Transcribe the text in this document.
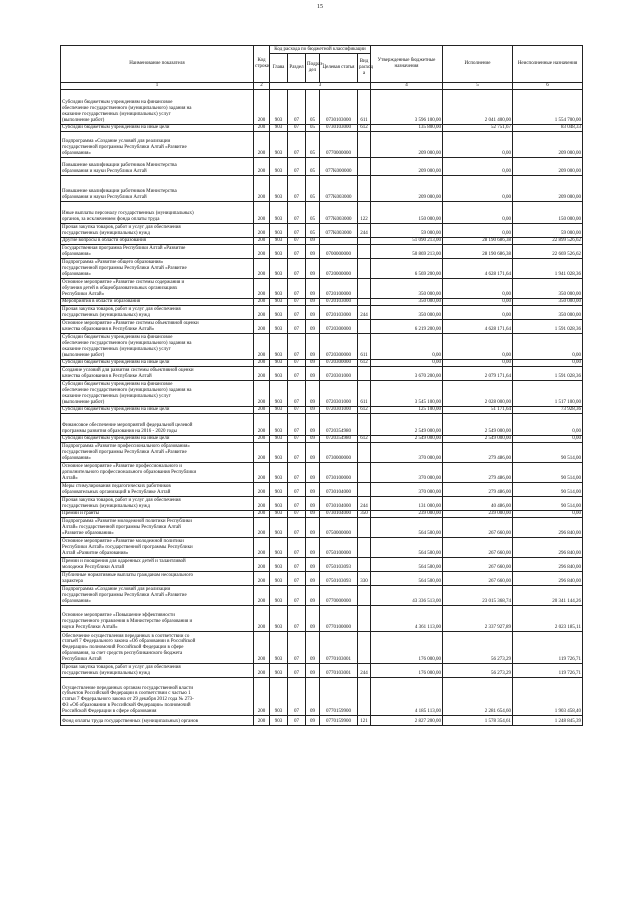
15
Наименование показателя	Код строки	Код расхода по бюджетной классификации					Утвержденные бюджетные назначения	Исполнение	Неисполненные назначения
		Глава	Раздел	Подраз-
дел	Целевая статья	Вид расход а			
1	2	3					4	5	6
Субсидии бюджетным учреждениям на финансовое
обеспечение государственного (муниципального) задания на
оказание государственных (муниципальных) услуг
(выполнение работ)	200	903	07	05	0730103000	611	3 596 100,00	2 041 400,00	1 554 700,00
Субсидии бюджетным учреждениям на иные цели	200	903	07	05	0730103000	612	135 800,00	52 751,67	83 048,33
Подпрограмма «Создание условий для реализации
государственной программы Республики Алтай «Развитие
образования»	200	903	07	05	0770000000		209 000,00	0,00	209 000,00
Повышение квалификации работников Министерства
образования и науки Республики Алтай	200	903	07	05	077K000000		209 000,00	0,00	209 000,00
Повышение квалификации работников Министерства
образования и науки Республики Алтай	200	903	07	05	077K003000		209 000,00	0,00	209 000,00
Иные выплаты персоналу государственных (муниципальных)
органов, за исключением фонда оплаты труда	200	903	07	05	077K003000	122	150 000,00	0,00	150 000,00
Прочая закупка товаров, работ и услуг для обеспечения
государственных (муниципальных) нужд	200	903	07	05	077K003000	244	59 000,00	0,00	59 000,00
Другие вопросы в области образования	200	903	07	09			51 090 213,00	28 190 686,38	22 899 526,62
Государственная программа Республики Алтай «Развитие
образования»	200	903	07	09	0700000000		50 869 213,00	28 190 686,38	22 669 526,62
Подпрограмма «Развитие общего образования»
государственной программы Республики Алтай «Развитие
образования»	200	903	07	09	0720000000		6 569 200,00	4 628 171,64	1 941 028,36
Основное мероприятие «Развитие системы содержания и
обучения детей в общеобразовательных организациях
Республики Алтай»	200	903	07	09	0720100000		350 000,00	0,00	350 000,00
Мероприятия в области образования	200	903	07	09	0720103000		350 000,00	0,00	350 000,00
Прочая закупка товаров, работ и услуг для обеспечения
государственных (муниципальных) нужд	200	903	07	09	0720103000	244	350 000,00	0,00	350 000,00
Основное мероприятие «Развитие системы объективной оценки
качества образования в Республике Алтай»	200	903	07	09	0720300000		6 219 200,00	4 628 171,64	1 591 028,36
Субсидии бюджетным учреждениям на финансовое
обеспечение государственного (муниципального) задания на
оказание государственных (муниципальных) услуг
(выполнение работ)	200	903	07	09	0720300000	611	0,00	0,00	0,00
Субсидии бюджетным учреждениям на иные цели	200	903	07	09	0720300000	612	0,00	0,00	0,00
Создание условий для развития системы объективной оценки
качества образования в Республике Алтай	200	903	07	09	0720301000		3 670 200,00	2 079 171,64	1 591 028,36
Субсидии бюджетным учреждениям на финансовое
обеспечение государственного (муниципального) задания на
оказание государственных (муниципальных) услуг
(выполнение работ)	200	903	07	09	0720301000	611	3 545 100,00	2 028 000,00	1 517 100,00
Субсидии бюджетным учреждениям на иные цели	200	903	07	09	0720301000	612	125 100,00	51 171,64	73 928,36
Финансовое обеспечение мероприятий федеральной целевой
программы развития образования на 2016 - 2020 годы	200	903	07	09	0720354980		2 549 000,00	2 549 000,00	0,00
Субсидии бюджетным учреждениям на иные цели	200	903	07	09	0720354980	612	2 549 000,00	2 549 000,00	0,00
Подпрограмма «Развитие профессионального образования»
государственной программы Республики Алтай «Развитие
образования»	200	903	07	09	0730000000		370 000,00	279 486,00	90 514,00
Основное мероприятие «Развитие профессионального и
дополнительного профессионального образования Республики
Алтай»	200	903	07	09	0730100000		370 000,00	279 486,00	90 514,00
Меры стимулирования педагогических работников
образовательных организаций в Республике Алтай	200	903	07	09	0730104000		370 000,00	279 486,00	90 514,00
Прочая закупка товаров, работ и услуг для обеспечения
государственных (муниципальных) нужд	200	903	07	09	0730104000	244	131 000,00	40 486,00	90 514,00
Премии и гранты	200	903	07	09	0730104000	350	239 000,00	239 000,00	0,00
Подпрограмма «Развитие молодежной политики Республики
Алтай» государственной программы Республики Алтай
«Развитие образования»	200	903	07	09	0750000000		564 500,00	267 660,00	296 840,00
Основное мероприятие «Развитие молодежной политики
Республики Алтай» государственной программы Республики
Алтай «Развитие образования»	200	903	07	09	0750100000		564 500,00	267 660,00	296 840,00
Премии и поощрения для одаренных детей и талантливой
молодежи Республики Алтай	200	903	07	09	0750103093		564 500,00	267 660,00	296 840,00
Публичные нормативные выплаты гражданам несоциального
характера	200	903	07	09	0750103093	330	564 500,00	267 660,00	296 840,00
Подпрограмма «Создание условий для реализации
государственной программы Республики Алтай «Развитие
образования»	200	903	07	09	0770000000		43 336 513,00	23 015 368,74	20 341 144,26
Основное мероприятие «Повышение эффективности
государственного управления в Министерстве образования и
науки Республики Алтай»	200	903	07	09	0770100000		4 361 113,00	2 337 927,89	2 023 185,11
Обеспечение осуществления переданных в соответствии со
статьей 7 Федерального закона «Об образовании в Российской
Федерации» полномочий Российской Федерации в сфере
образования, за счет средств республиканского бюджета
Республики Алтай	200	903	07	09	0770103001		176 000,00	56 273,29	119 726,71
Прочая закупка товаров, работ и услуг для обеспечения
государственных (муниципальных) нужд	200	903	07	09	0770103001	244	176 000,00	56 273,29	119 726,71
Осуществление переданных органам государственной власти
субъектов Российской Федерации в соответствии с частью 1
статьи 7 Федерального закона от 29 декабря 2012 года № 273-
ФЗ «Об образовании в Российской Федерации» полномочий
Российской Федерации в сфере образования	200	903	07	09	0770159900		4 185 113,00	2 281 654,60	1 903 458,40
Фонд оплаты труда государственных (муниципальных) органов	200	903	07	09	0770159900	121	2 827 200,00	1 578 354,61	1 248 845,39
